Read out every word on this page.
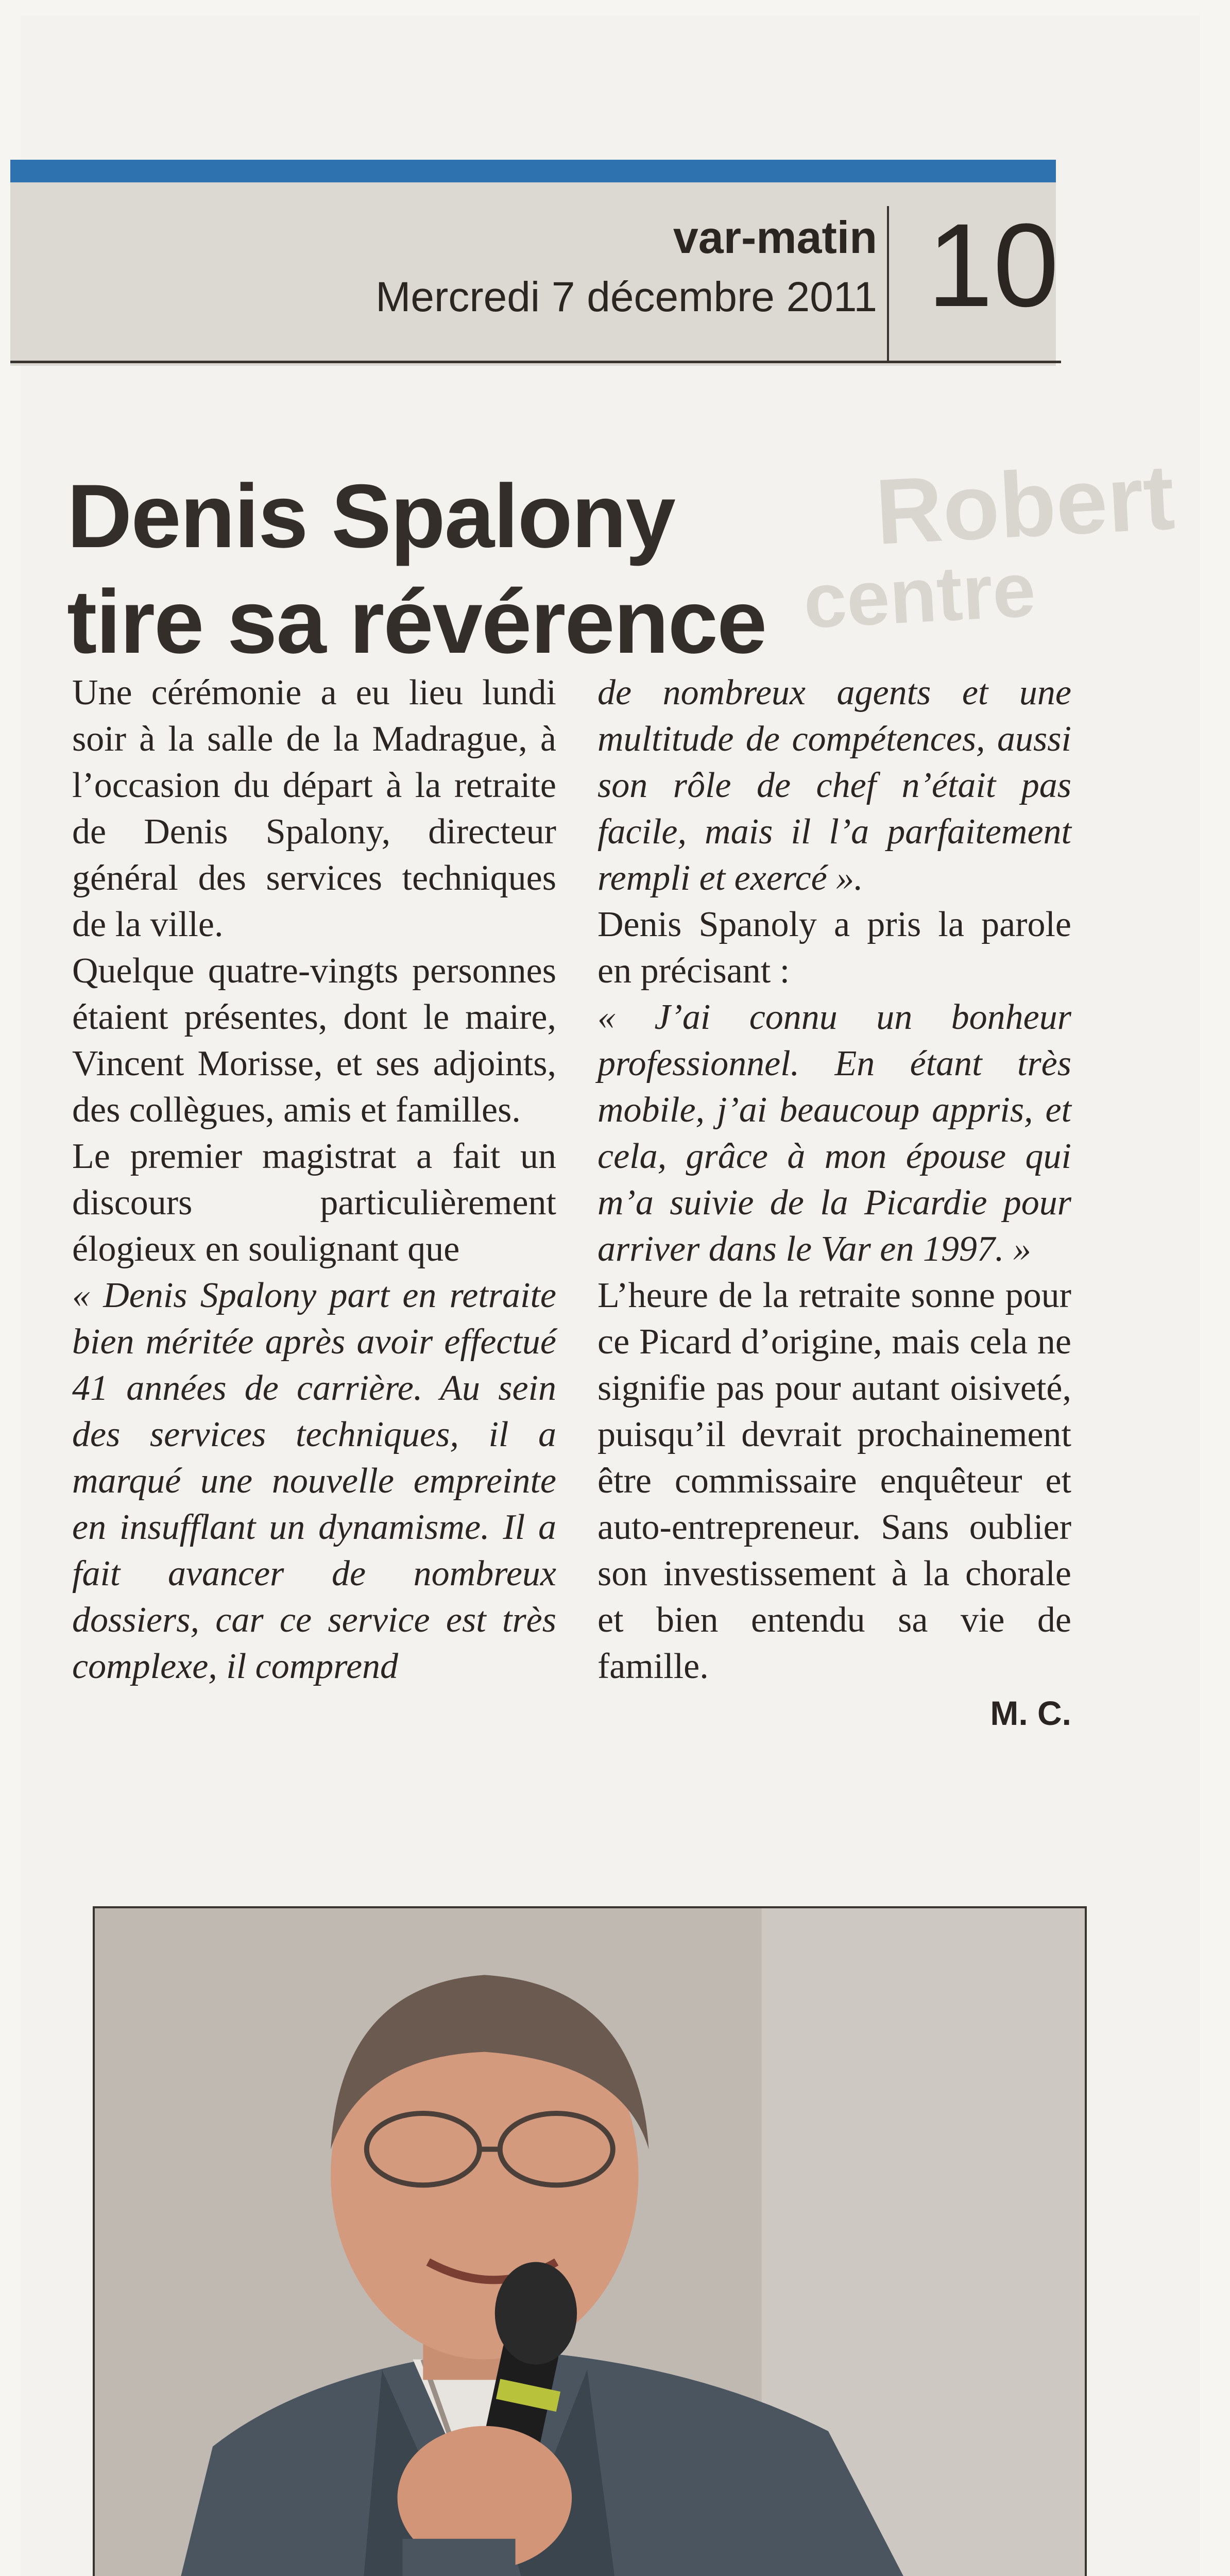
Robert
centre
var-matin
Mercredi 7 décembre 2011 10
Denis Spalony
tire sa révérence

Une cérémonie a eu lieu lundi soir à la salle de la Madrague, à l’occasion du départ à la retraite de Denis Spalony, directeur général des services techniques de la ville.

Quelque quatre-vingts personnes étaient présentes, dont le maire, Vincent Morisse, et ses adjoints, des collègues, amis et familles.

Le premier magistrat a fait un discours particulièrement élogieux en soulignant que

« Denis Spalony part en retraite bien méritée après avoir effectué 41 années de carrière. Au sein des services techniques, il a marqué une nouvelle empreinte en insufflant un dynamisme. Il a fait avancer de nombreux dossiers, car ce service est très complexe, il comprend

de nombreux agents et une multitude de compétences, aussi son rôle de chef n’était pas facile, mais il l’a parfaitement rempli et exercé ».

Denis Spanoly a pris la parole en précisant :

« J’ai connu un bonheur professionnel. En étant très mobile, j’ai beaucoup appris, et cela, grâce à mon épouse qui m’a suivie de la Picardie pour arriver dans le Var en 1997. »

L’heure de la retraite sonne pour ce Picard d’origine, mais cela ne signifie pas pour autant oisiveté, puisqu’il devrait prochainement être commissaire enquêteur et auto-entrepreneur. Sans oublier son investissement à la chorale et bien entendu sa vie de famille.

M. C.
